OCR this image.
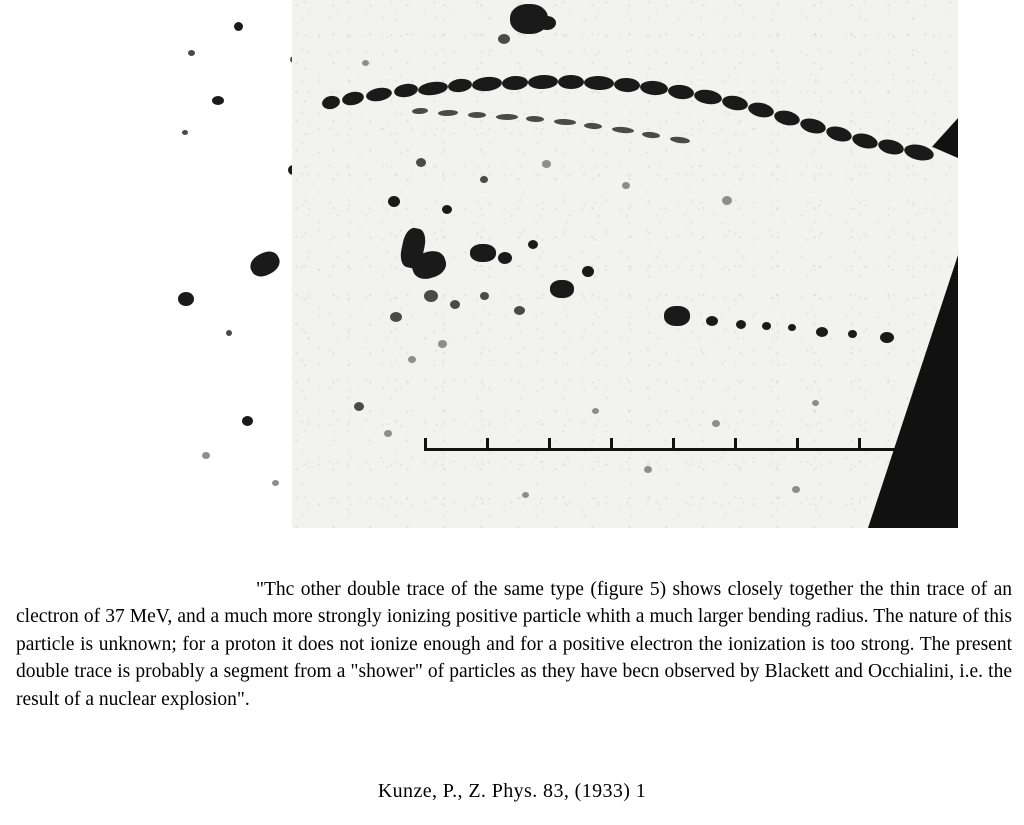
"Thc other double trace of the same type (figure 5) shows closely together the thin trace of an clectron of 37 MeV, and a much more strongly ionizing positive particle whith a much larger bending radius. The nature of this particle is unknown; for a proton it does not ionize enough and for a positive electron the ionization is too strong. The present double trace is probably a segment from a "shower" of particles as they have becn observed by Blackett and Occhialini, i.e. the result of a nuclear explosion".

Kunze, P., Z. Phys. 83, (1933) 1
